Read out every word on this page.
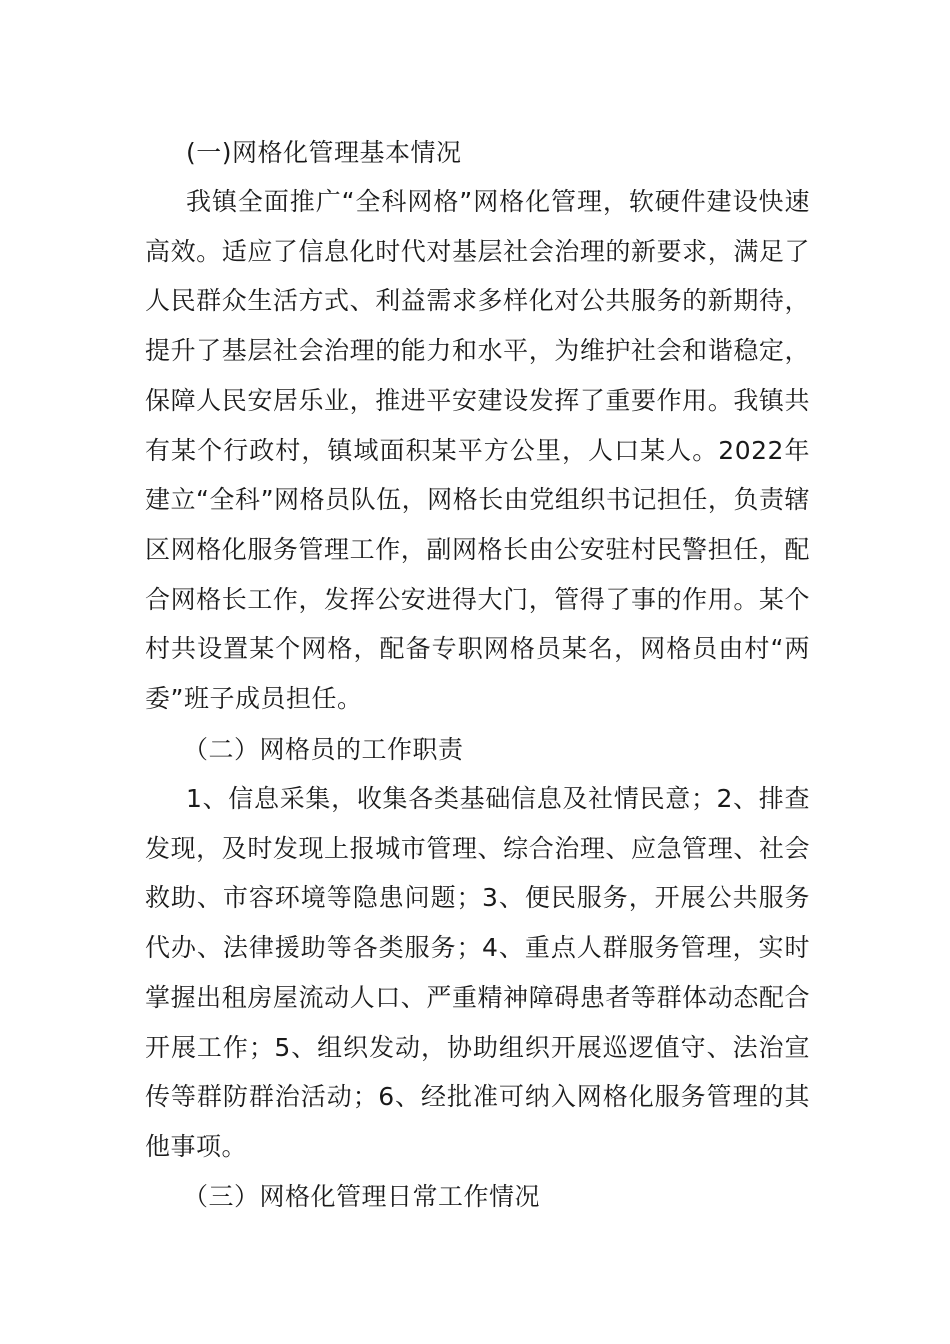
(一)网格化管理基本情况
我镇全面推广“全科网格”网格化管理，软硬件建设快速高效。适应了信息化时代对基层社会治理的新要求，满足了人民群众生活方式、利益需求多样化对公共服务的新期待，提升了基层社会治理的能力和水平，为维护社会和谐稳定，保障人民安居乐业，推进平安建设发挥了重要作用。我镇共有某个行政村，镇域面积某平方公里，人口某人。2022年建立“全科”网格员队伍，网格长由党组织书记担任，负责辖区网格化服务管理工作，副网格长由公安驻村民警担任，配合网格长工作，发挥公安进得大门，管得了事的作用。某个村共设置某个网格，配备专职网格员某名，网格员由村“两委”班子成员担任。
（二）网格员的工作职责
1、信息采集，收集各类基础信息及社情民意；2、排查发现，及时发现上报城市管理、综合治理、应急管理、社会救助、市容环境等隐患问题；3、便民服务，开展公共服务代办、法律援助等各类服务；4、重点人群服务管理，实时掌握出租房屋流动人口、严重精神障碍患者等群体动态配合开展工作；5、组织发动，协助组织开展巡逻值守、法治宣传等群防群治活动；6、经批准可纳入网格化服务管理的其他事项。
（三）网格化管理日常工作情况
